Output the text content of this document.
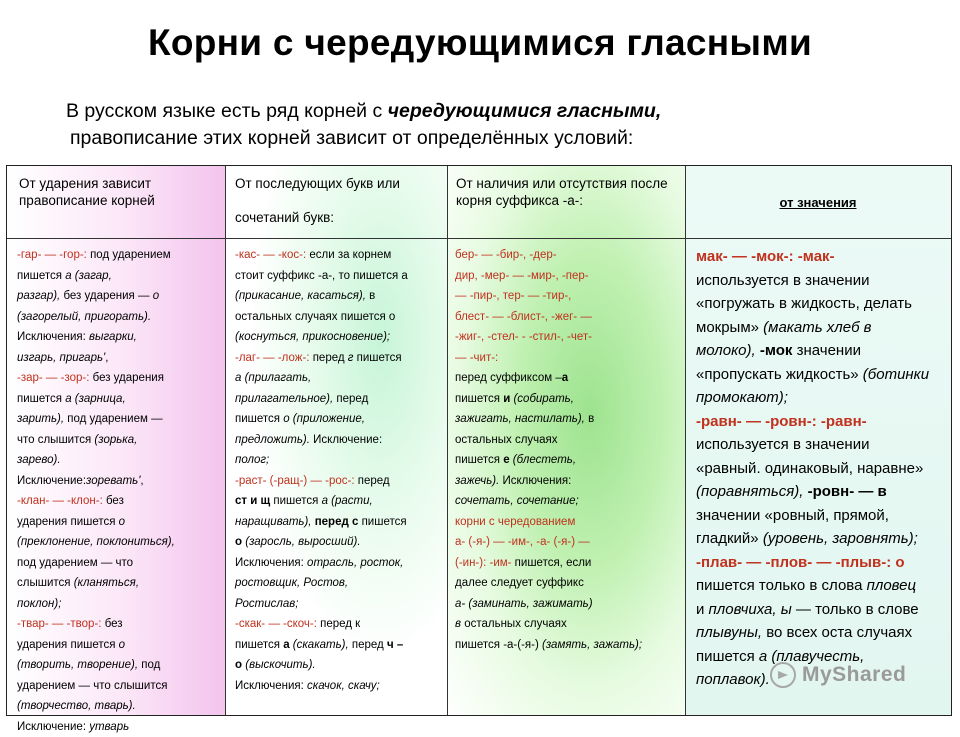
Корни с чередующимися гласными
В русском языке есть ряд корней с чередующимися гласными,
правописание этих корней зависит от определённых условий:
От ударения зависит правописание корней
От последующих букв или
сочетаний букв:
От наличия или отсутствия после корня суффикса -а-:	от значения
-гар- — -гор-: под ударением
пишется а (загар,
разгар), без ударения — о
(загорелый, пригорать).
Исключения: выгарки,
изгарь, пригарь',
-зар- — -зор-: без ударения
пишется а (зарница,
зарить), под ударением —
что слышится (зорька,
зарево).
Исключение:зоревать',
-клан- — -клон-: без
ударения пишется о
(преклонение, поклониться),
под ударением — что
слышится (кланяться,
поклон);
-твар- — -твор-: без
ударения пишется о
(творить, творение), под
ударением — что слышится
(творчество, тварь).
Исключение: утварь
-кас- — -кос-: если за корнем
стоит суффикс -а-, то пишется а
(прикасание, касаться), в
остальных случаях пишется о
(коснуться, прикосновение);
-лаг- — -лож-: перед г пишется
а (прилагать,
прилагательное), перед
пишется о (приложение,
предложить). Исключение:
полог;
-раст- (-ращ-) — -рос-: перед
ст и щ пишется а (расти,
наращивать), перед с пишется
о (заросль, выросший).
Исключения: отрасль, росток,
ростовщик, Ростов,
Ростислав;
-скак- — -скоч-: перед к
пишется а (скакать), перед ч –
о (выскочить).
Исключения: скачок, скачу;
бер- — -бир-, -дер-
дир, -мер- — -мир-, -пер-
— -пир-, тер- — -тир-,
блест- — -блист-, -жег- —
-жиг-, -стел- - -стил-, -чет-
— -чит-:
перед суффиксом –а
пишется и (собирать,
зажигать, настилать), в
остальных случаях
пишется е (блестеть,
зажечь). Исключения:
сочетать, сочетание;
корни с чередованием
а- (-я-) — -им-, -а- (-я-) —
(-ин-): -им- пишется, если
далее следует суффикс
а- (заминать, зажимать)
в остальных случаях
пишется -а-(-я-) (замять, зажать);
мак- — -мок-: -мак-
используется в значении
«погружать в жидкость, делать
мокрым» (макать хлеб в
молоко), -мок значении
«пропускать жидкость» (ботинки
промокают);
-равн- — -ровн-: -равн-
используется в значении
«равный. одинаковый, наравне»
(поравняться), -ровн- — в
значении «ровный, прямой,
гладкий» (уровень, заровнять);
-плав- — -плов- — -плыв-: о
пишется только в слова пловец
и пловчиха, ы — только в слове
плывуны, во всех оста случаях
пишется а (плавучесть,
поплавок).	MyShared
